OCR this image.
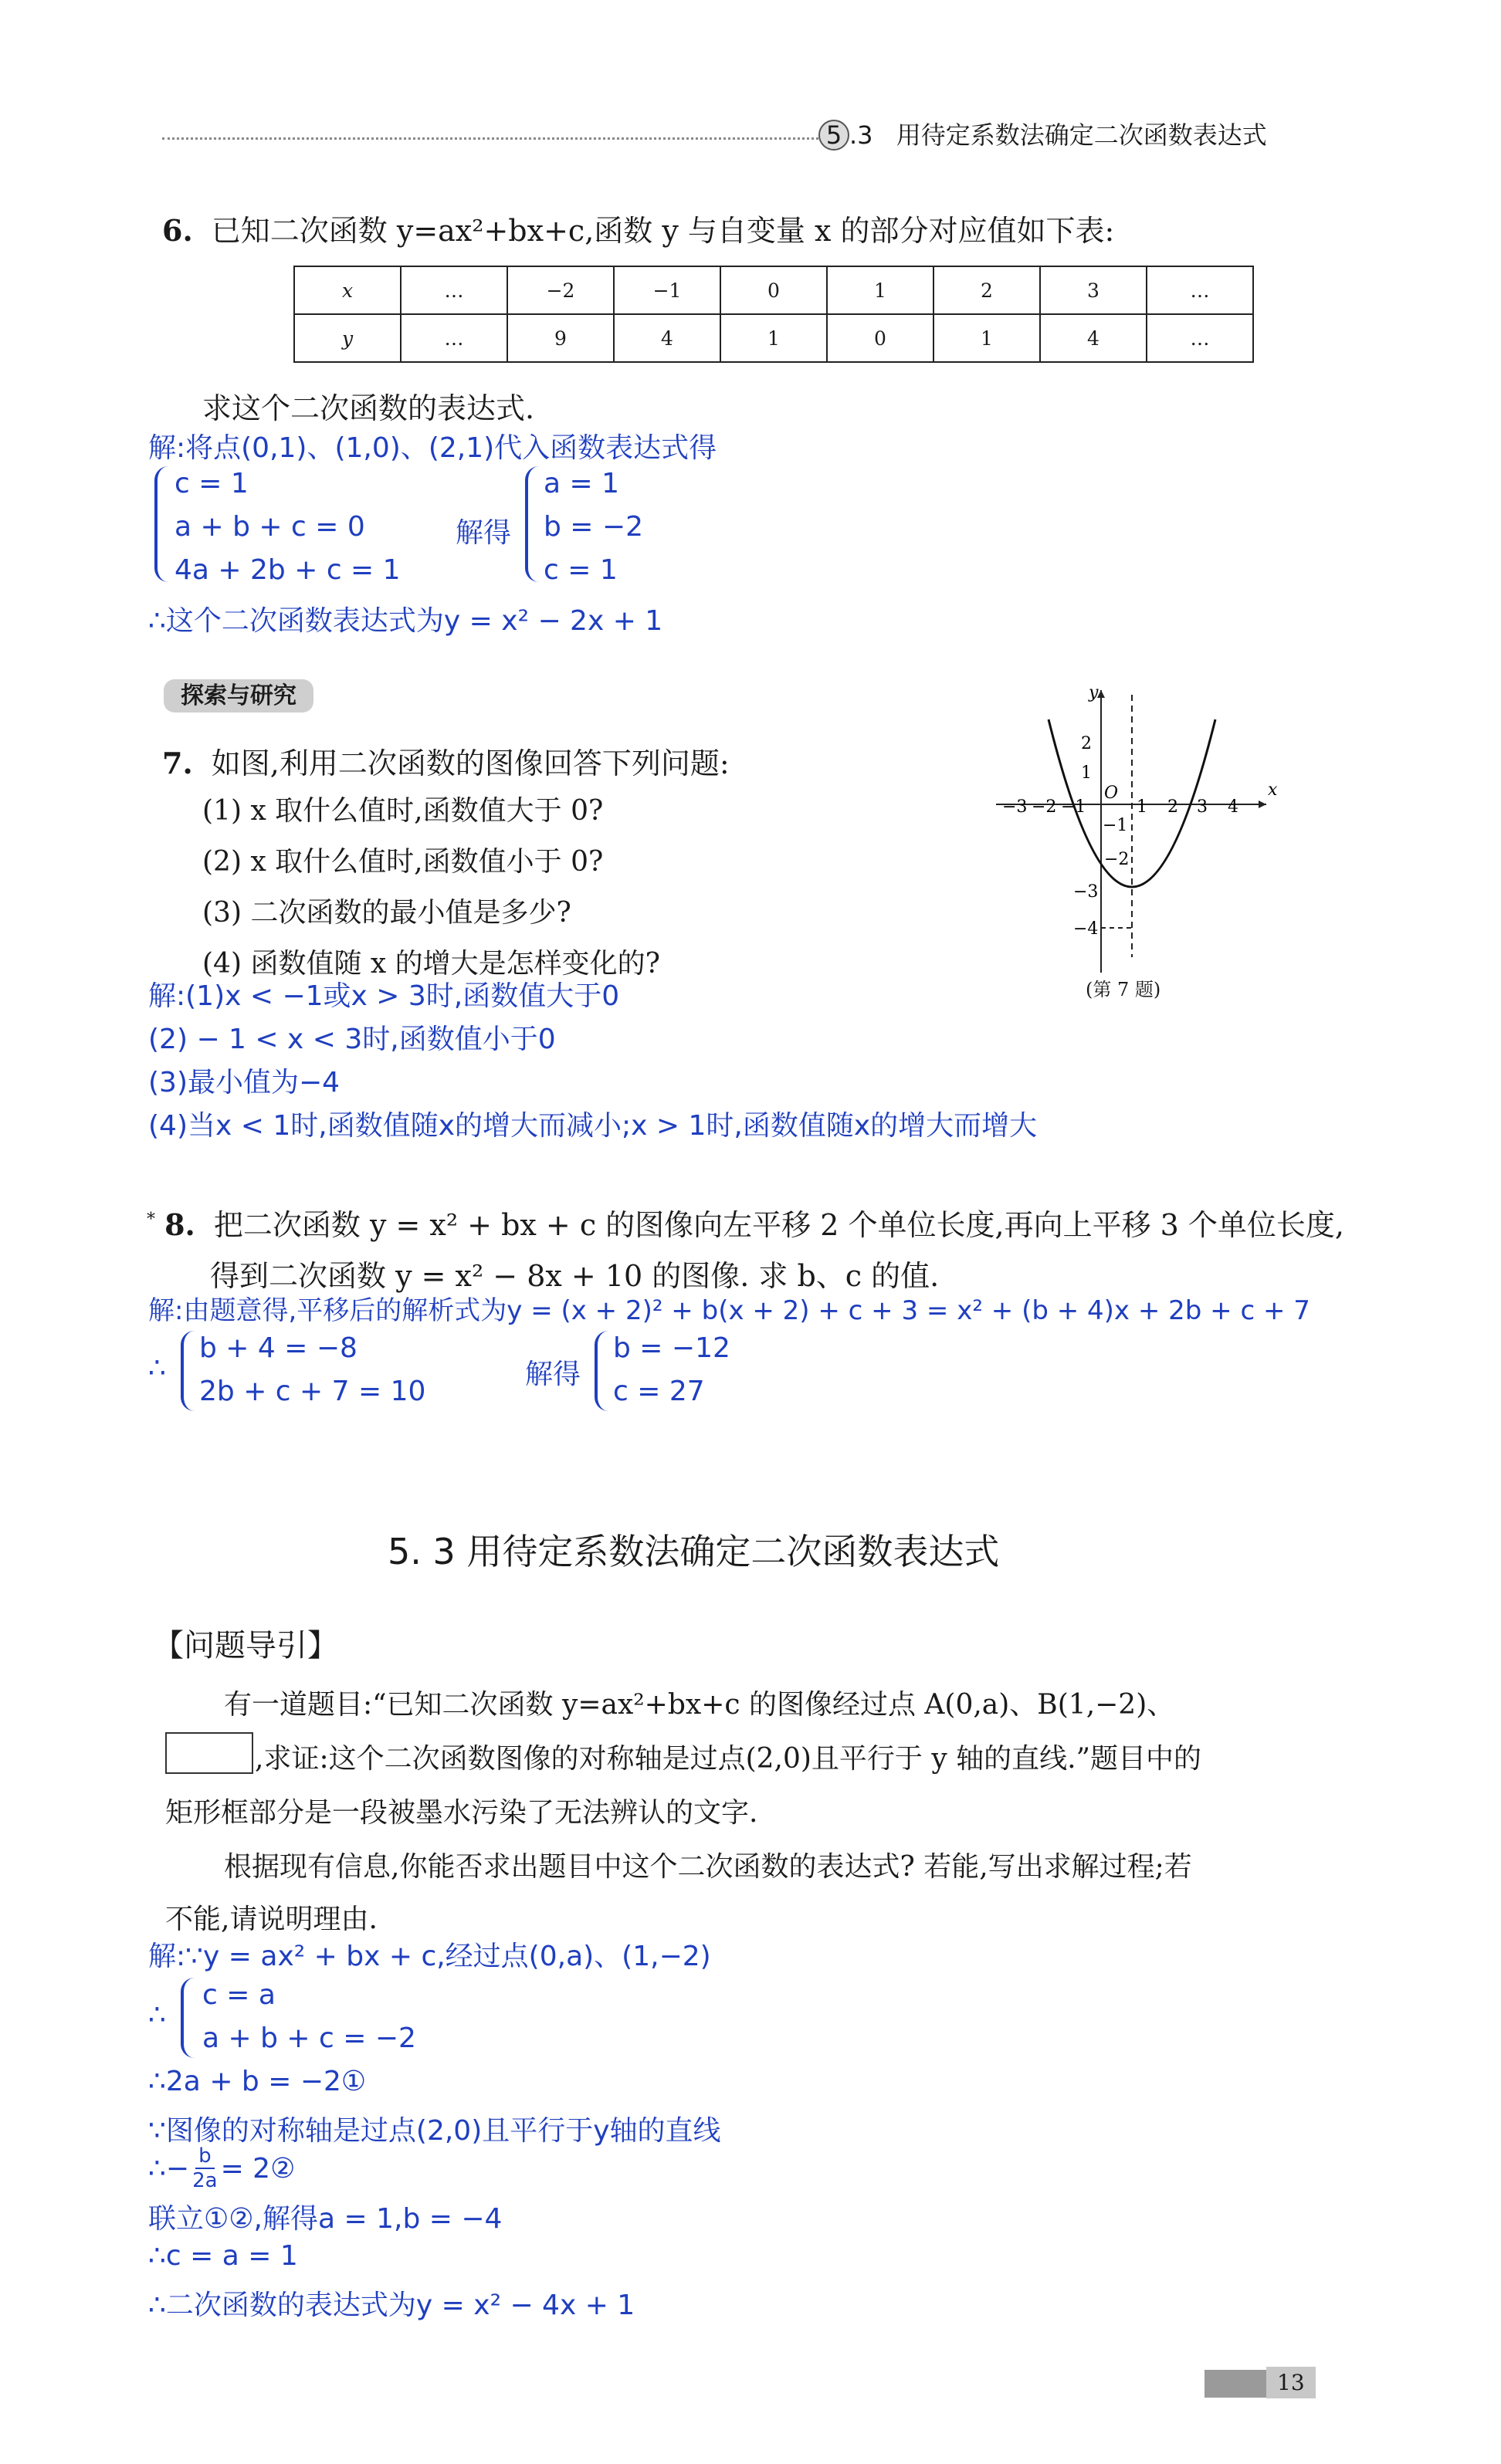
5 .3 用待定系数法确定二次函数表达式
6. 已知二次函数 y=ax²+bx+c,函数 y 与自变量 x 的部分对应值如下表:
x	…	−2	−1	0	1	2	3	…
y	…	9	4	1	0	1	4	…
求这个二次函数的表达式.
解:将点(0,1)、(1,0)、(2,1)代入函数表达式得
c = 1
a + b + c = 0
4a + 2b + c = 1
解得
a = 1
b = −2
c = 1
∴这个二次函数表达式为y = x² − 2x + 1
探索与研究
7. 如图,利用二次函数的图像回答下列问题:
(1) x 取什么值时,函数值大于 0?
(2) x 取什么值时,函数值小于 0?
(3) 二次函数的最小值是多少?
(4) 函数值随 x 的增大是怎样变化的?
y
x
O
2
1
−1
−2
−3
−4
−3 −2 −1	1 2 3 4
(第 7 题)
解:(1)x < −1或x > 3时,函数值大于0
(2) − 1 < x < 3时,函数值小于0
(3)最小值为−4
(4)当x < 1时,函数值随x的增大而减小;x > 1时,函数值随x的增大而增大
* 8. 把二次函数 y = x² + bx + c 的图像向左平移 2 个单位长度,再向上平移 3 个单位长度,
得到二次函数 y = x² − 8x + 10 的图像. 求 b、c 的值.
解:由题意得,平移后的解析式为y = (x + 2)² + b(x + 2) + c + 3 = x² + (b + 4)x + 2b + c + 7
∴
b + 4 = −8
2b + c + 7 = 10
解得
b = −12
c = 27
5. 3 用待定系数法确定二次函数表达式
【问题导引】
有一道题目:“已知二次函数 y=ax²+bx+c 的图像经过点 A(0,a)、B(1,−2)、
,求证:这个二次函数图像的对称轴是过点(2,0)且平行于 y 轴的直线.”题目中的
矩形框部分是一段被墨水污染了无法辨认的文字.
根据现有信息,你能否求出题目中这个二次函数的表达式? 若能,写出求解过程;若
不能,请说明理由.
解:∵y = ax² + bx + c,经过点(0,a)、(1,−2)
∴
c = a
a + b + c = −2
∴2a + b = −2①
∵图像的对称轴是过点(2,0)且平行于y轴的直线
∴− $\frac{b}{2a}$ = 2②
联立①②,解得a = 1,b = −4
∴c = a = 1
∴二次函数的表达式为y = x² − 4x + 1
13
